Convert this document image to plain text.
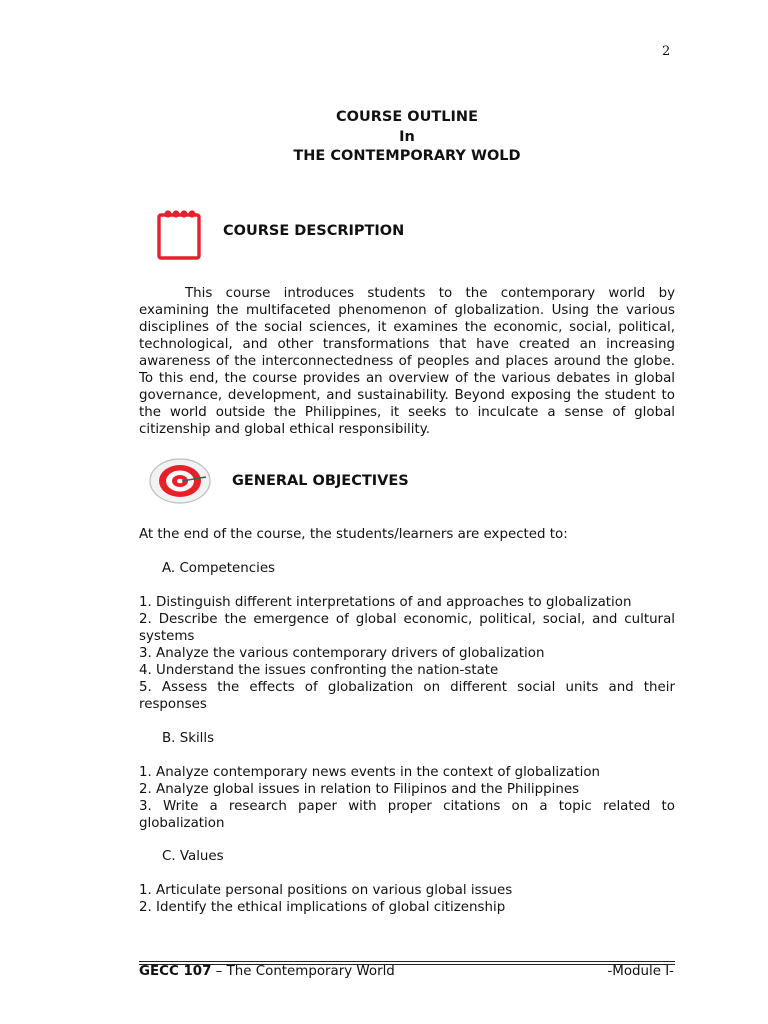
2
COURSE OUTLINE
In
THE CONTEMPORARY WOLD
COURSE DESCRIPTION

This course introduces students to the contemporary world by examining the multifaceted phenomenon of globalization. Using the various disciplines of the social sciences, it examines the economic, social, political, technological, and other transformations that have created an increasing awareness of the interconnectedness of peoples and places around the globe. To this end, the course provides an overview of the various debates in global governance, development, and sustainability. Beyond exposing the student to the world outside the Philippines, it seeks to inculcate a sense of global citizenship and global ethical responsibility.

GENERAL OBJECTIVES
At the end of the course, the students/learners are expected to:
A. Competencies
1. Distinguish different interpretations of and approaches to globalization

2. Describe the emergence of global economic, political, social, and cultural systems

3. Analyze the various contemporary drivers of globalization
4. Understand the issues confronting the nation-state

5. Assess the effects of globalization on different social units and their responses

B. Skills
1. Analyze contemporary news events in the context of globalization
2. Analyze global issues in relation to Filipinos and the Philippines

3. Write a research paper with proper citations on a topic related to globalization

C. Values
1. Articulate personal positions on various global issues
2. Identify the ethical implications of global citizenship
GECC 107 – The Contemporary World	-Module I-
